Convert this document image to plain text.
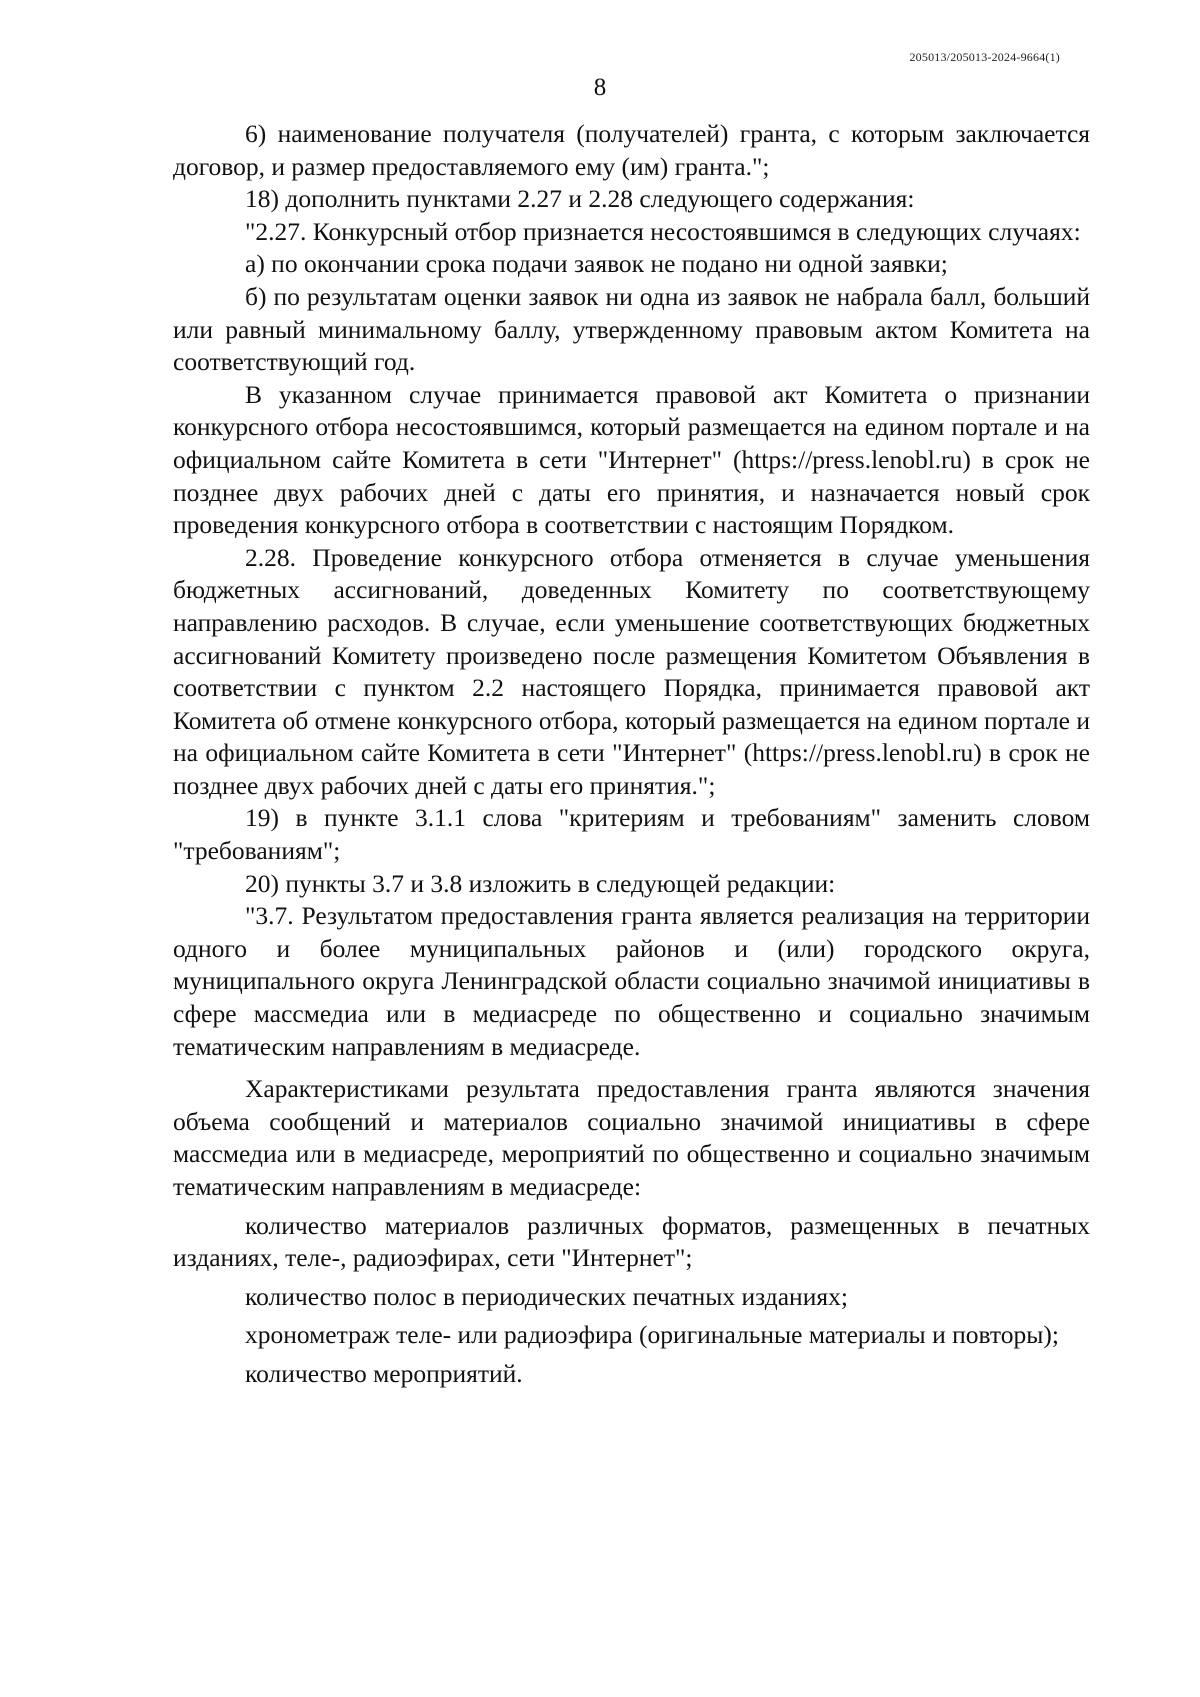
205013/205013-2024-9664(1)
8

6) наименование получателя (получателей) гранта, с которым заключается договор, и размер предоставляемого ему (им) гранта.";

18) дополнить пунктами 2.27 и 2.28 следующего содержания:

"2.27. Конкурсный отбор признается несостоявшимся в следующих случаях:

а) по окончании срока подачи заявок не подано ни одной заявки;

б) по результатам оценки заявок ни одна из заявок не набрала балл, больший или равный минимальному баллу, утвержденному правовым актом Комитета на соответствующий год.

В указанном случае принимается правовой акт Комитета о признании конкурсного отбора несостоявшимся, который размещается на едином портале и на официальном сайте Комитета в сети "Интернет" (https://press.lenobl.ru) в срок не позднее двух рабочих дней с даты его принятия, и назначается новый срок проведения конкурсного отбора в соответствии с настоящим Порядком.

2.28. Проведение конкурсного отбора отменяется в случае уменьшения бюджетных ассигнований, доведенных Комитету по соответствующему направлению расходов. В случае, если уменьшение соответствующих бюджетных ассигнований Комитету произведено после размещения Комитетом Объявления в соответствии с пунктом 2.2 настоящего Порядка, принимается правовой акт Комитета об отмене конкурсного отбора, который размещается на едином портале и на официальном сайте Комитета в сети "Интернет" (https://press.lenobl.ru) в срок не позднее двух рабочих дней с даты его принятия.";

19) в пункте 3.1.1 слова "критериям и требованиям" заменить словом "требованиям";

20) пункты 3.7 и 3.8 изложить в следующей редакции:

"3.7. Результатом предоставления гранта является реализация на территории одного и более муниципальных районов и (или) городского округа, муниципального округа Ленинградской области социально значимой инициативы в сфере массмедиа или в медиасреде по общественно и социально значимым тематическим направлениям в медиасреде.

Характеристиками результата предоставления гранта являются значения объема сообщений и материалов социально значимой инициативы в сфере массмедиа или в медиасреде, мероприятий по общественно и социально значимым тематическим направлениям в медиасреде:

количество материалов различных форматов, размещенных в печатных изданиях, теле-, радиоэфирах, сети "Интернет";

количество полос в периодических печатных изданиях;

хронометраж теле- или радиоэфира (оригинальные материалы и повторы);

количество мероприятий.
